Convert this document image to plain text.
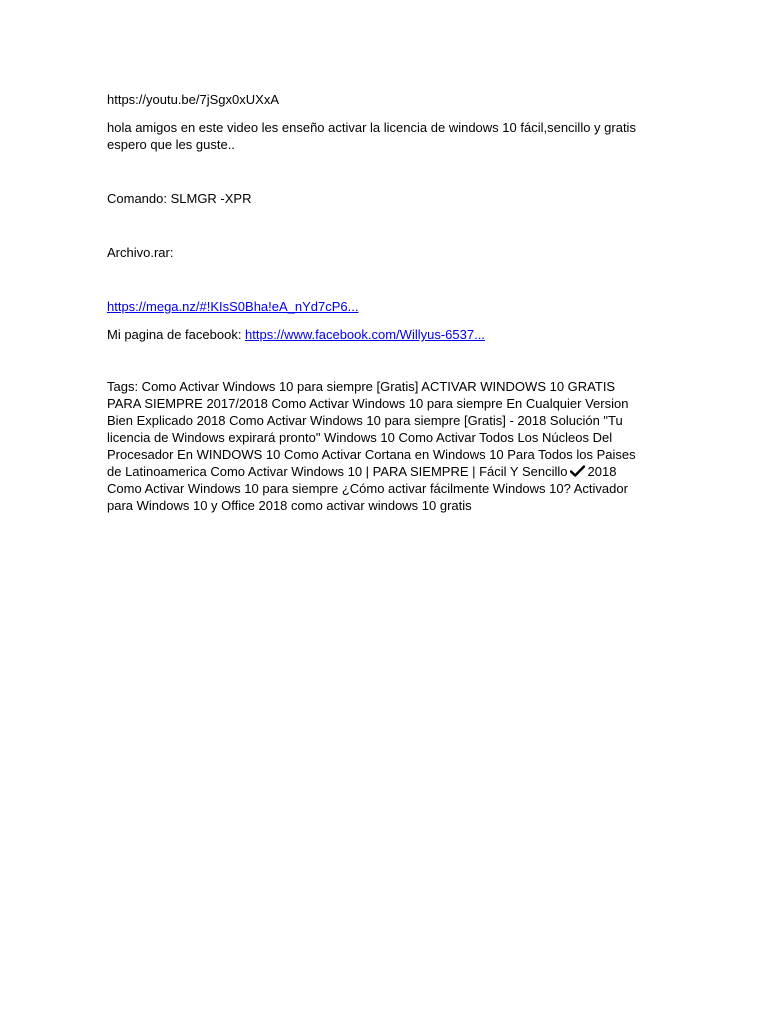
https://youtu.be/7jSgx0xUXxA

hola amigos en este video les enseño activar la licencia de windows 10 fácil,sencillo y gratis espero que les guste..

Comando: SLMGR -XPR

Archivo.rar:

https://mega.nz/#!KIsS0Bha!eA_nYd7cP6...

Mi pagina de facebook: https://www.facebook.com/Willyus-6537...

Tags: Como Activar Windows 10 para siempre [Gratis] ACTIVAR WINDOWS 10 GRATIS PARA SIEMPRE 2017/2018 Como Activar Windows 10 para siempre En Cualquier Version Bien Explicado 2018 Como Activar Windows 10 para siempre [Gratis] - 2018 Solución "Tu licencia de Windows expirará pronto" Windows 10 Como Activar Todos Los Núcleos Del Procesador En WINDOWS 10 Como Activar Cortana en Windows 10 Para Todos los Paises de Latinoamerica Como Activar Windows 10 | PARA SIEMPRE | Fácil Y Sencillo 2018 Como Activar Windows 10 para siempre ¿Cómo activar fácilmente Windows 10? Activador para Windows 10 y Office 2018 como activar windows 10 gratis
